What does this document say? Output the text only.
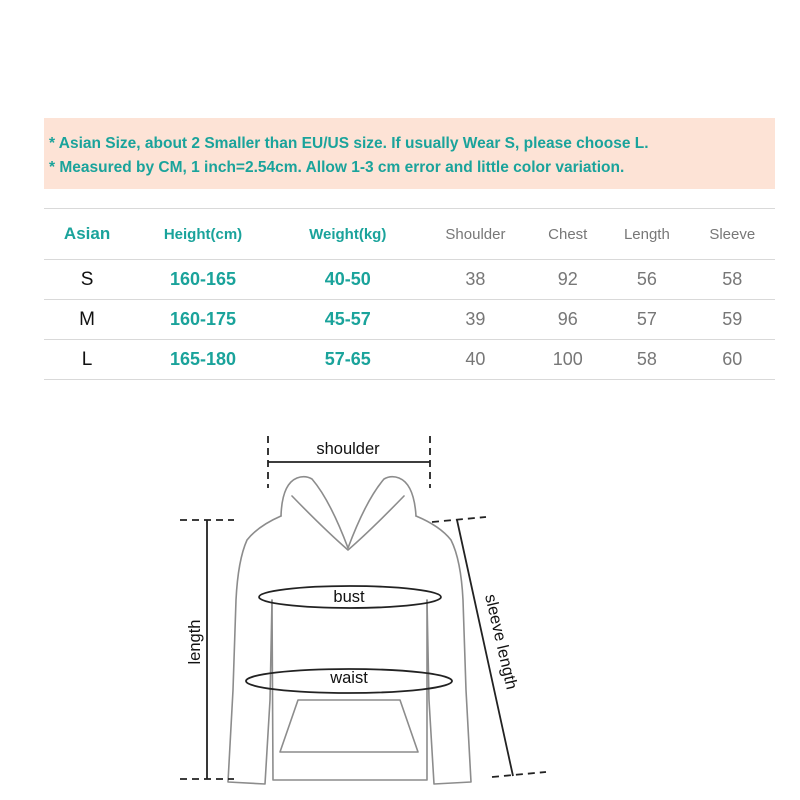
* Asian Size, about 2 Smaller than EU/US size. If usually Wear S, please choose L.
* Measured by CM, 1 inch=2.54cm. Allow 1-3 cm error and little color variation.
Asian	Height(cm)	Weight(kg)	Shoulder	Chest	Length	Sleeve
S	160-165	40-50	38	92	56	58
M	160-175	45-57	39	96	57	59
L	165-180	57-65	40	100	58	60
shoulder
bust
waist
length	sleeve length
